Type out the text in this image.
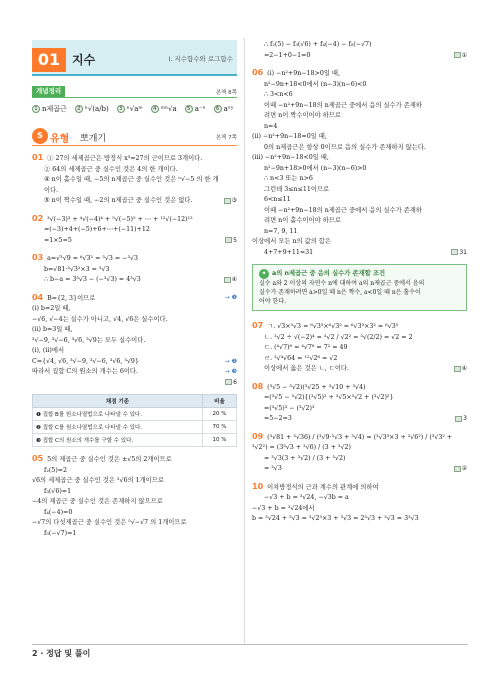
01 지수	Ⅰ. 지수함수와 로그함수
개념정리	본책 8쪽
1 n제곱근	2 ⁿ√(a/b)	3 ⁿ√aᵐ	4 ᵐⁿ√a	5 a⁻ⁿ	6 aˣʸ
S 유형 뽀개기	본책 7쪽
01 ① 27의 세제곱근은 방정식 x³=27의 근이므로 3개이다.
② 64의 세제곱근 중 실수인 것은 4의 한 개이다.
④ n이 홀수일 때, −5의 n제곱근 중 실수인 것은 ⁿ√−5 의 한 개
이다.
⑤ n이 짝수일 때, −2의 n제곱근 중 실수인 것은 없다.	③
02 ³√(−3)³ + ⁴√(−4)⁴ + ⁵√(−5)⁵ + ⋯ + ¹²√(−12)¹²
=(−3)+4+(−5)+6+⋯+(−11)+12
=1×5=5	5
03 a=√³√9 = ⁶√3² = ³√3 = −³√3
b=√81·³√3²×3 = ³√3
∴ b−a = 3³√3 − (−³√3) = 4³√3	④
04 B={2, 3}이므로	→ ❶
(i) b=2일 때,
−√6, √−4는 실수가 아니고, √4, √6은 실수이다.
(ii) b=3일 때,
³√−9, ³√−6, ³√6, ³√9는 모두 실수이다.
(i), (ii)에서
C={√4, √6, ³√−9, ³√−6, ³√6, ³√9}	→ ❷
따라서 집합 C의 원소의 개수는 6이다.	→ ❸
6
채점 기준	비율
❶ 집합 B를 원소나열법으로 나타낼 수 있다.	20 %
❷ 집합 C를 원소나열법으로 나타낼 수 있다.	70 %
❸ 집합 C의 원소의 개수를 구할 수 있다.	10 %
05 5의 제곱근 중 실수인 것은 ±√5의 2개이므로
f₂(5)=2
√6의 세제곱근 중 실수인 것은 ³√6의 1개이므로
f₃(√6)=1
−4의 제곱근 중 실수인 것은 존재하지 않으므로
f₄(−4)=0
−√7의 다섯제곱근 중 실수인 것은 ⁵√−√7 의 1개이므로
f₅(−√7)=1
∴ f₂(5) − f₃(√6) + f₄(−4) − f₅(−√7)
=2−1+0−1=0	①
06 (i) −n²+9n−18>0일 때,
n²−9n+18<0에서 (n−3)(n−6)<0
∴ 3<n<6
이때 −n²+9n−18의 n제곱근 중에서 음의 실수가 존재하
려면 n이 짝수이어야 하므로
n=4
(ii) −n²+9n−18=0일 때,
0의 n제곱근은 항상 0이므로 음의 실수가 존재하지 않는다.
(iii) −n²+9n−18<0일 때,
n²−9n+18>0에서 (n−3)(n−6)>0
∴ n<3 또는 n>6
그런데 3≤n≤11이므로
6<n≤11
이때 −n²+9n−18의 n제곱근 중에서 음의 실수가 존재하
려면 n이 홀수이어야 하므로
n=7, 9, 11
이상에서 모든 n의 값의 합은
4+7+9+11=31	31
✦ a의 n제곱근 중 음의 실수가 존재할 조건
실수 a와 2 이상의 자연수 n에 대하여 a의 n제곱근 중에서 음의
실수가 존재하려면 a>0일 때 n은 짝수, a<0일 때 n은 홀수이
어야 한다.
07 ㄱ. √3×³√3 = ⁶√3³×⁶√3² = ⁶√3³×3² = ⁶√3⁵
ㄴ. ³√2 ÷ √(−2)⁴ = ³√2 / √2² = ³√(2/2) = √2 = 2
ㄷ. (⁴√7)⁸ = ⁴√7⁸ = 7² = 49
ㄹ. ³√⁴√64 = ¹²√2⁶ = √2
이상에서 옳은 것은 ㄴ, ㄷ이다.	④
08 (³√5 − ³√2)(³√25 + ³√10 + ³√4)
=(³√5 − ³√2){(³√5)² + ³√5×³√2 + (³√2)²}
=(³√5)³ − (³√2)³
=5−2=3	3
09 (³√81 + ³√36) / (³√9·³√3 + ³√4) = (³√3³×3 + ³√6²) / (³√3² + ³√2²) = (3³√3 + ³√6) / (3 + ³√2)
= ³√3(3 + ³√2) / (3 + ³√2)
= ³√3	②
10 이차방정식의 근과 계수의 관계에 의하여
−√3 + b = ³√24, −√3b = a
−√3 + b = ³√24에서
b = ³√24 + ³√3 = ³√2³×3 + ³√3 = 2³√3 + ³√3 = 3³√3
2 · 정답 및 풀이
